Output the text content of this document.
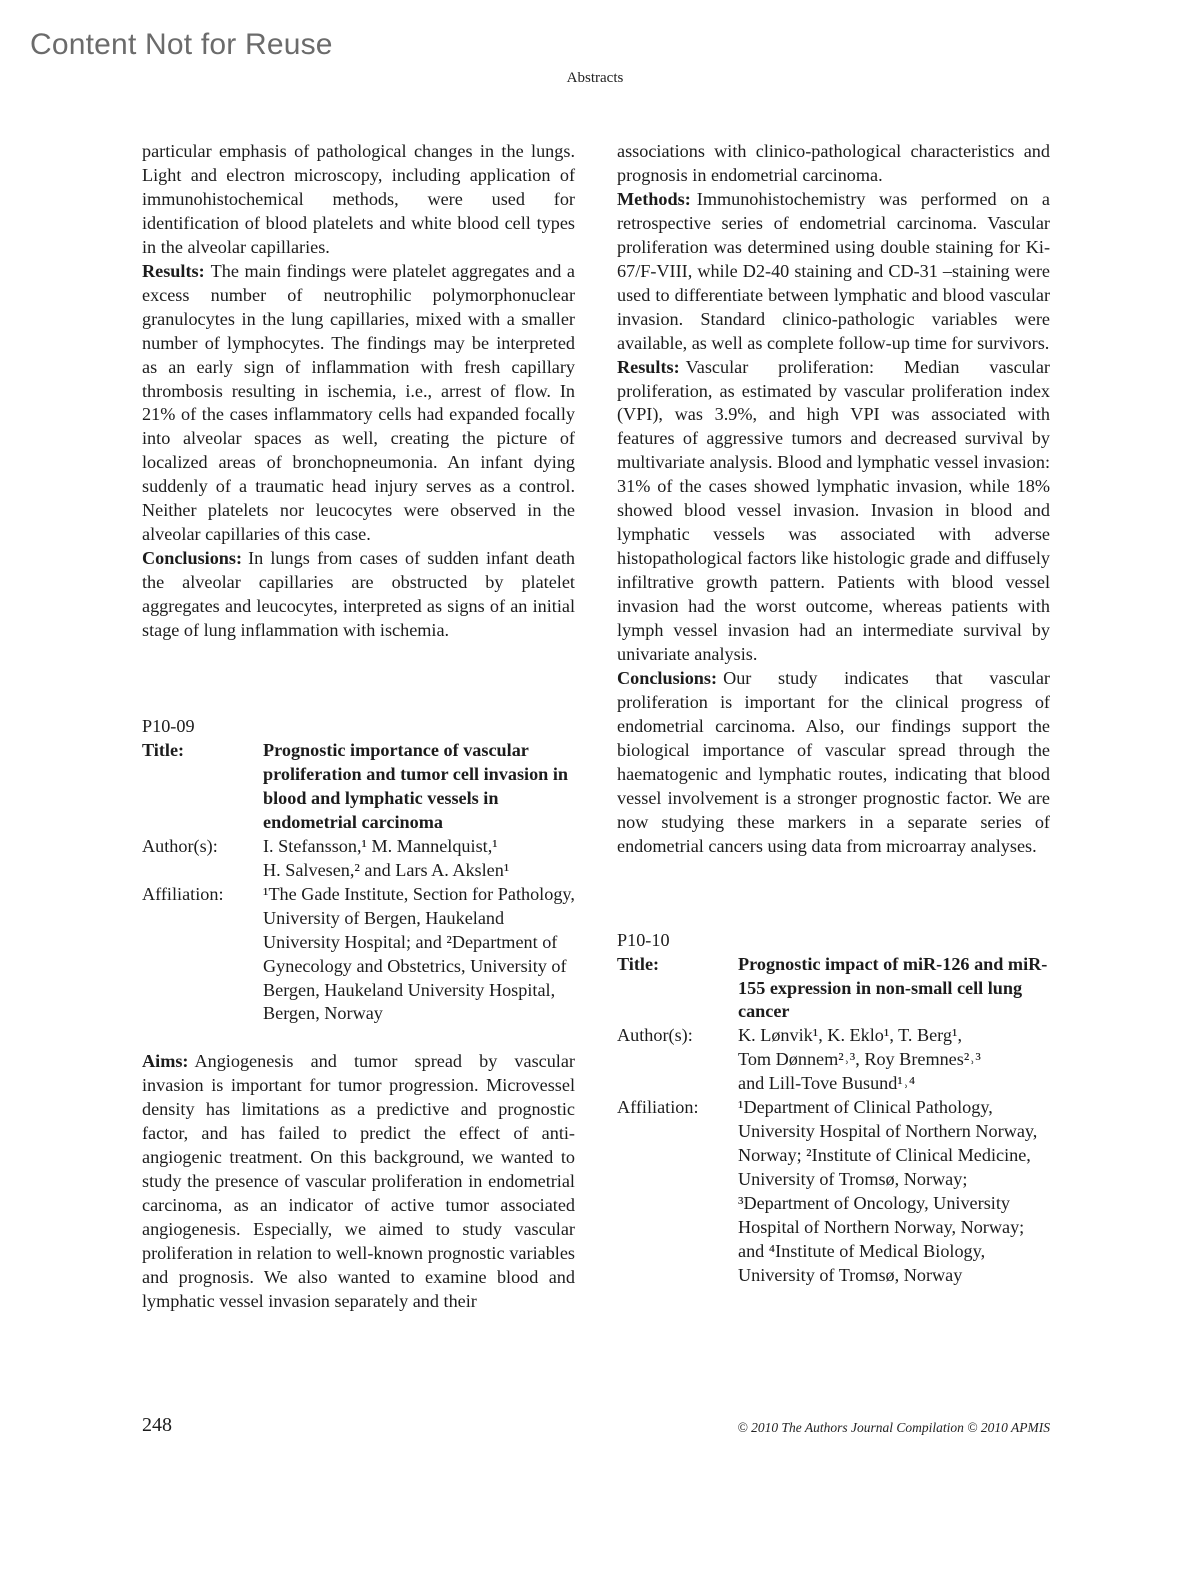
Content Not for Reuse
Abstracts

particular emphasis of pathological changes in the lungs. Light and electron microscopy, including application of immunohistochemical methods, were used for identification of blood platelets and white blood cell types in the alveolar capillaries.

Results: The main findings were platelet aggregates and a excess number of neutrophilic polymorphonuclear granulocytes in the lung capillaries, mixed with a smaller number of lymphocytes. The findings may be interpreted as an early sign of inflammation with fresh capillary thrombosis resulting in ischemia, i.e., arrest of flow. In 21% of the cases inflammatory cells had expanded focally into alveolar spaces as well, creating the picture of localized areas of bronchopneumonia. An infant dying suddenly of a traumatic head injury serves as a control. Neither platelets nor leucocytes were observed in the alveolar capillaries of this case.

Conclusions: In lungs from cases of sudden infant death the alveolar capillaries are obstructed by platelet aggregates and leucocytes, interpreted as signs of an initial stage of lung inflammation with ischemia.

P10-09

Title:	Prognostic importance of vascular proliferation and tumor cell invasion in blood and lymphatic vessels in endometrial carcinoma
Author(s):	I. Stefansson,¹ M. Mannelquist,¹
H. Salvesen,² and Lars A. Akslen¹
Affiliation:	¹The Gade Institute, Section for Pathology, University of Bergen, Haukeland University Hospital; and ²Department of Gynecology and Obstetrics, University of Bergen, Haukeland University Hospital, Bergen, Norway

Aims: Angiogenesis and tumor spread by vascular invasion is important for tumor progression. Microvessel density has limitations as a predictive and prognostic factor, and has failed to predict the effect of anti-angiogenic treatment. On this background, we wanted to study the presence of vascular proliferation in endometrial carcinoma, as an indicator of active tumor associated angiogenesis. Especially, we aimed to study vascular proliferation in relation to well-known prognostic variables and prognosis. We also wanted to examine blood and lymphatic vessel invasion separately and their

associations with clinico-pathological characteristics and prognosis in endometrial carcinoma.

Methods: Immunohistochemistry was performed on a retrospective series of endometrial carcinoma. Vascular proliferation was determined using double staining for Ki-67/F-VIII, while D2-40 staining and CD-31 –staining were used to differentiate between lymphatic and blood vascular invasion. Standard clinico-pathologic variables were available, as well as complete follow-up time for survivors.

Results: Vascular proliferation: Median vascular proliferation, as estimated by vascular proliferation index (VPI), was 3.9%, and high VPI was associated with features of aggressive tumors and decreased survival by multivariate analysis. Blood and lymphatic vessel invasion: 31% of the cases showed lymphatic invasion, while 18% showed blood vessel invasion. Invasion in blood and lymphatic vessels was associated with adverse histopathological factors like histologic grade and diffusely infiltrative growth pattern. Patients with blood vessel invasion had the worst outcome, whereas patients with lymph vessel invasion had an intermediate survival by univariate analysis.

Conclusions: Our study indicates that vascular proliferation is important for the clinical progress of endometrial carcinoma. Also, our findings support the biological importance of vascular spread through the haematogenic and lymphatic routes, indicating that blood vessel involvement is a stronger prognostic factor. We are now studying these markers in a separate series of endometrial cancers using data from microarray analyses.

P10-10

Title:	Prognostic impact of miR-126 and miR-155 expression in non-small cell lung cancer
Author(s):	K. Lønvik¹, K. Eklo¹, T. Berg¹,
Tom Dønnem²˒³, Roy Bremnes²˒³
and Lill-Tove Busund¹˒⁴
Affiliation:	¹Department of Clinical Pathology, University Hospital of Northern Norway, Norway; ²Institute of Clinical Medicine, University of Tromsø, Norway; ³Department of Oncology, University Hospital of Northern Norway, Norway; and ⁴Institute of Medical Biology, University of Tromsø, Norway
248	© 2010 The Authors Journal Compilation © 2010 APMIS
